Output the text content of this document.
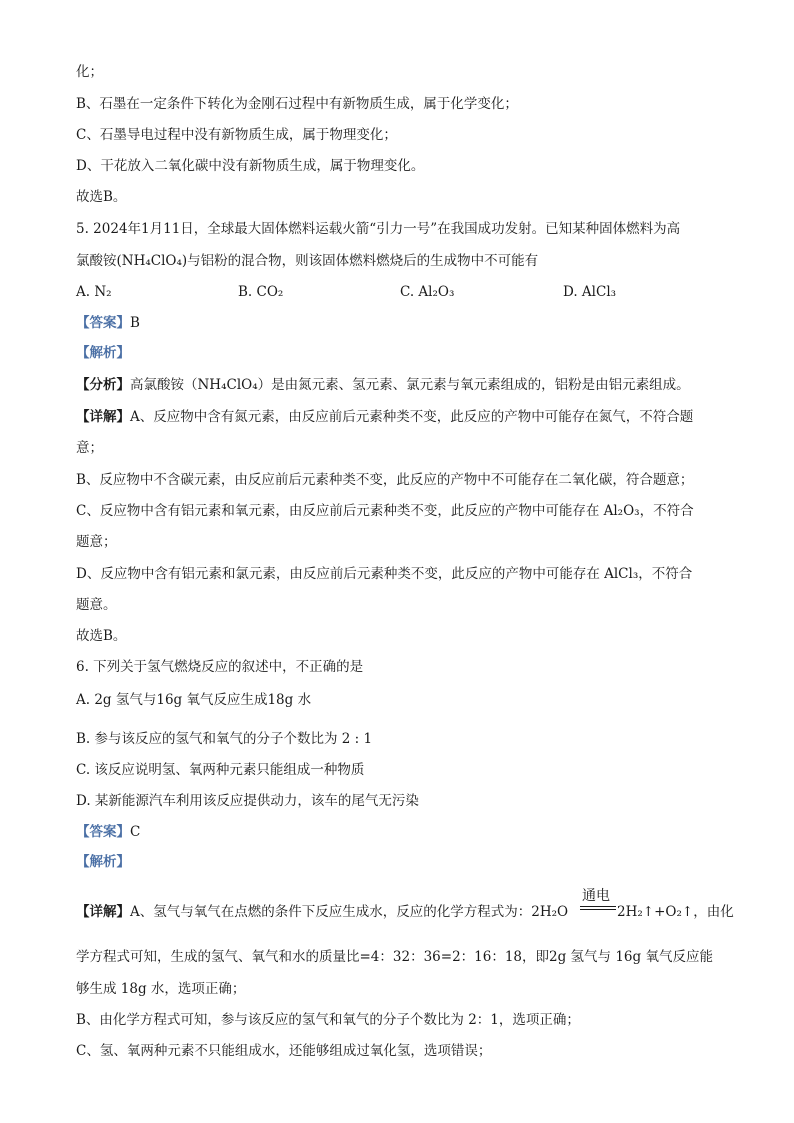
化；
B、石墨在一定条件下转化为金刚石过程中有新物质生成，属于化学变化；
C、石墨导电过程中没有新物质生成，属于物理变化；
D、干花放入二氧化碳中没有新物质生成，属于物理变化。
故选B。
5. 2024年1月11日，全球最大固体燃料运载火箭“引力一号”在我国成功发射。已知某种固体燃料为高
氯酸铵(NH₄ClO₄)与铝粉的混合物，则该固体燃料燃烧后的生成物中不可能有
A. N₂	B. CO₂	C. Al₂O₃	D. AlCl₃
【答案】B
【解析】
【分析】高氯酸铵（NH₄ClO₄）是由氮元素、氢元素、氯元素与氧元素组成的，铝粉是由铝元素组成。
【详解】A、反应物中含有氮元素，由反应前后元素种类不变，此反应的产物中可能存在氮气，不符合题
意；
B、反应物中不含碳元素，由反应前后元素种类不变，此反应的产物中不可能存在二氧化碳，符合题意；
C、反应物中含有铝元素和氧元素，由反应前后元素种类不变，此反应的产物中可能存在 Al₂O₃，不符合
题意；
D、反应物中含有铝元素和氯元素，由反应前后元素种类不变，此反应的产物中可能存在 AlCl₃，不符合
题意。
故选B。
6. 下列关于氢气燃烧反应的叙述中，不正确的是
A. 2g 氢气与16g 氧气反应生成18g 水
B. 参与该反应的氢气和氧气的分子个数比为 2 : 1
C. 该反应说明氢、氧两种元素只能组成一种物质
D. 某新能源汽车利用该反应提供动力，该车的尾气无污染
【答案】C
【解析】
【详解】A、氢气与氧气在点燃的条件下反应生成水，反应的化学方程式为：2H₂O
通电
2H₂↑+O₂↑，由化
学方程式可知，生成的氢气、氧气和水的质量比=4：32：36=2：16：18，即2g 氢气与 16g 氧气反应能
够生成 18g 水，选项正确；
B、由化学方程式可知，参与该反应的氢气和氧气的分子个数比为 2：1，选项正确；
C、氢、氧两种元素不只能组成水，还能够组成过氧化氢，选项错误；
